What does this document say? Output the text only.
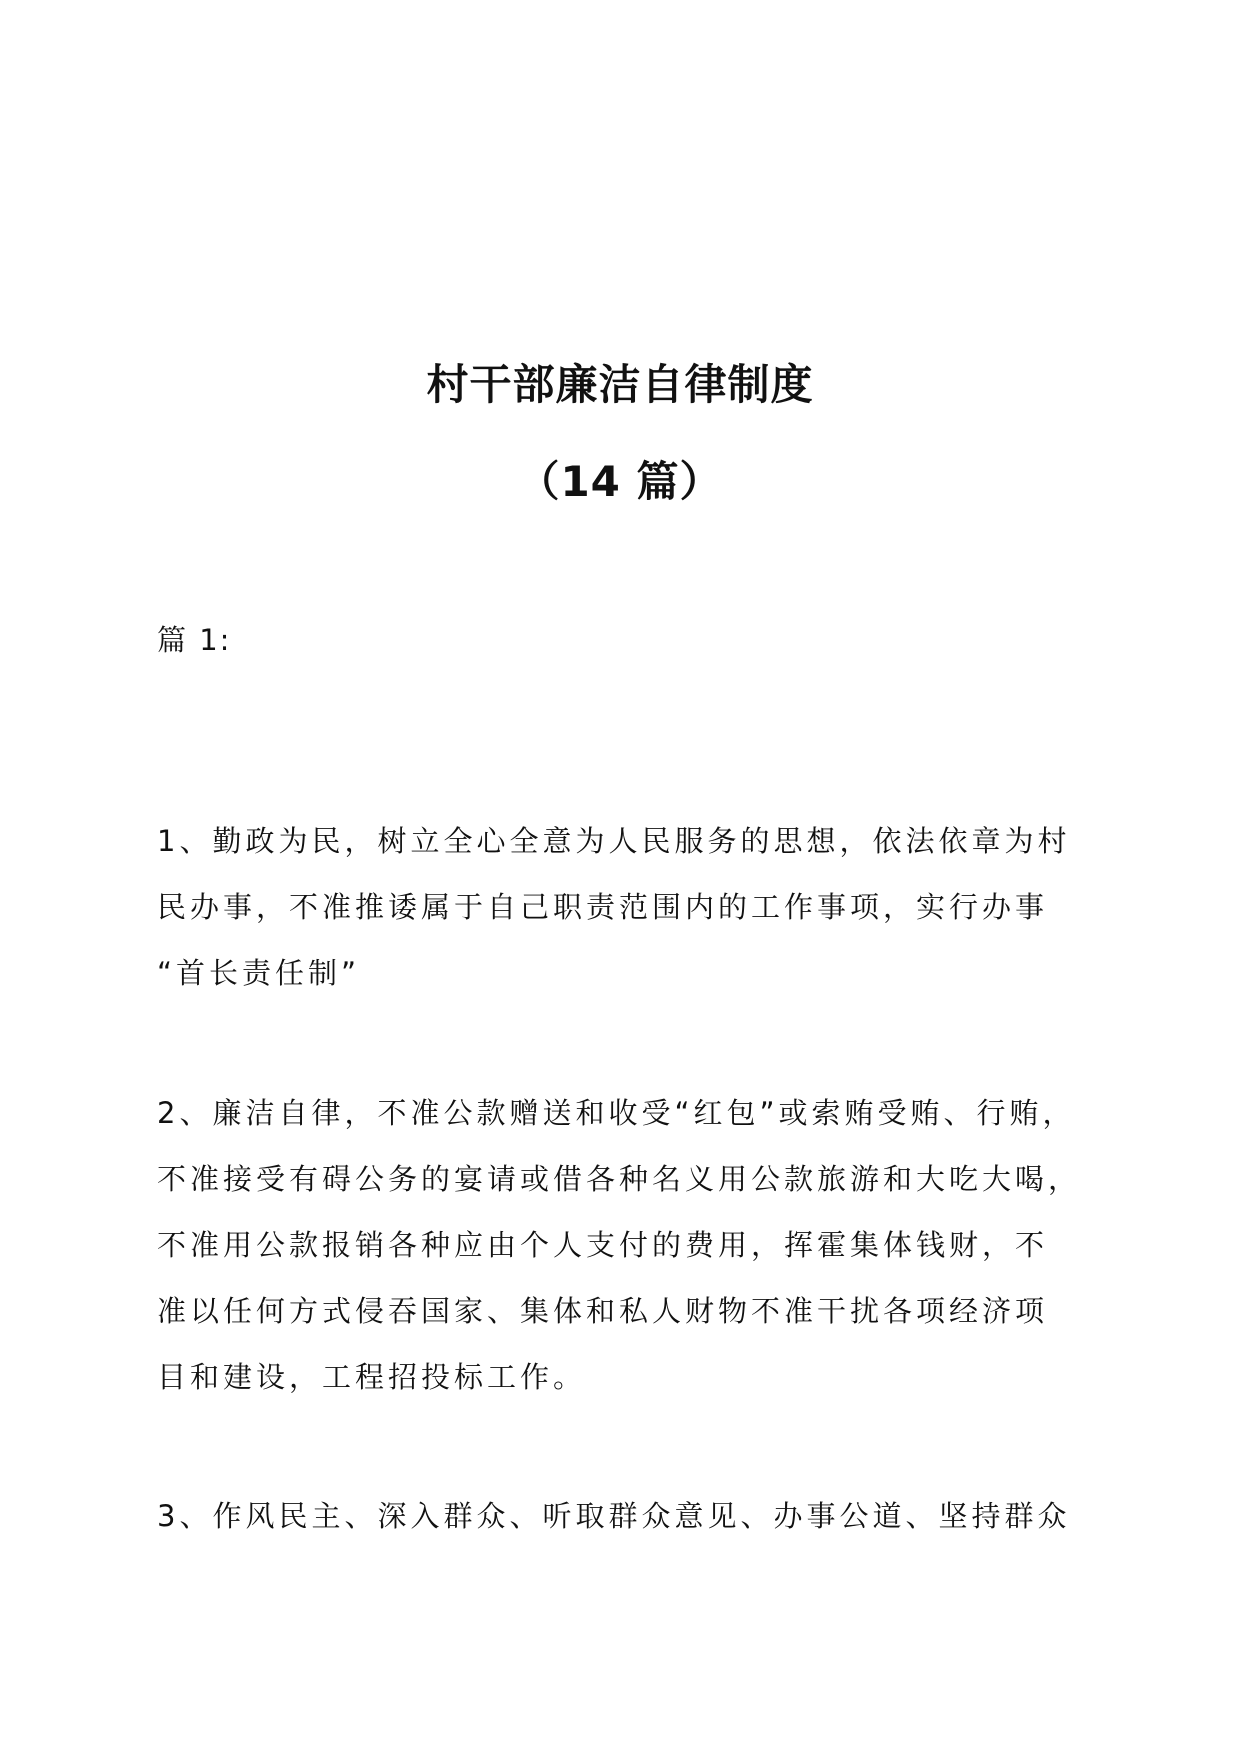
村干部廉洁自律制度
（14 篇）

篇 1:

1、勤政为民，树立全心全意为人民服务的思想，依法依章为村
民办事，不准推诿属于自己职责范围内的工作事项，实行办事
“首长责任制”

2、廉洁自律，不准公款赠送和收受“红包”或索贿受贿、行贿，
不准接受有碍公务的宴请或借各种名义用公款旅游和大吃大喝，
不准用公款报销各种应由个人支付的费用，挥霍集体钱财，不
准以任何方式侵吞国家、集体和私人财物不准干扰各项经济项
目和建设，工程招投标工作。

3、作风民主、深入群众、听取群众意见、办事公道、坚持群众
